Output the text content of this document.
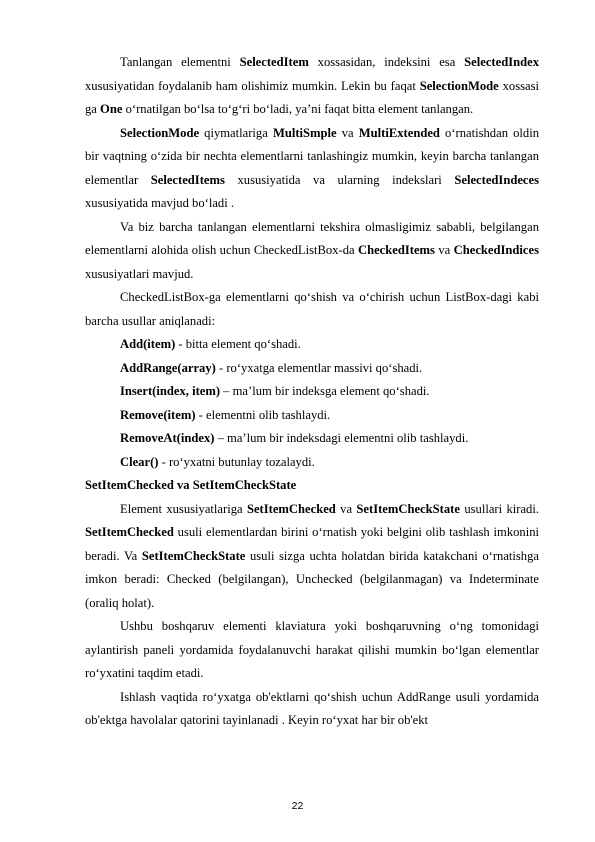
Tanlangan elementni SelectedItem xossasidan, indeksini esa SelectedIndex xususiyatidan foydalanib ham olishimiz mumkin. Lekin bu faqat SelectionMode xossasi ga One o‘rnatilgan bo‘lsa to‘g‘ri bo‘ladi, ya’ni faqat bitta element tanlangan.

SelectionMode qiymatlariga MultiSmple va MultiExtended o‘rnatishdan oldin bir vaqtning o‘zida bir nechta elementlarni tanlashingiz mumkin, keyin barcha tanlangan elementlar SelectedItems xususiyatida va ularning indekslari SelectedIndeces xususiyatida mavjud bo‘ladi .

Va biz barcha tanlangan elementlarni tekshira olmasligimiz sababli, belgilangan elementlarni alohida olish uchun CheckedListBox-da CheckedItems va CheckedIndices xususiyatlari mavjud.

CheckedListBox-ga elementlarni qo‘shish va o‘chirish uchun ListBox-dagi kabi barcha usullar aniqlanadi:

Add(item) - bitta element qo‘shadi.

AddRange(array) - ro‘yxatga elementlar massivi qo‘shadi.

Insert(index, item) – ma’lum bir indeksga element qo‘shadi.

Remove(item) - elementni olib tashlaydi.

RemoveAt(index) – ma’lum bir indeksdagi elementni olib tashlaydi.

Clear() - ro‘yxatni butunlay tozalaydi.

SetItemChecked va SetItemCheckState

Element xususiyatlariga SetItemChecked va SetItemCheckState usullari kiradi. SetItemChecked usuli elementlardan birini o‘rnatish yoki belgini olib tashlash imkonini beradi. Va SetItemCheckState usuli sizga uchta holatdan birida katakchani o‘rnatishga imkon beradi: Checked (belgilangan), Unchecked (belgilanmagan) va Indeterminate (oraliq holat).

Ushbu boshqaruv elementi klaviatura yoki boshqaruvning o‘ng tomonidagi aylantirish paneli yordamida foydalanuvchi harakat qilishi mumkin bo‘lgan elementlar ro‘yxatini taqdim etadi.

Ishlash vaqtida ro‘yxatga ob'ektlarni qo‘shish uchun AddRange usuli yordamida ob'ektga havolalar qatorini tayinlanadi . Keyin ro‘yxat har bir ob'ekt

22
